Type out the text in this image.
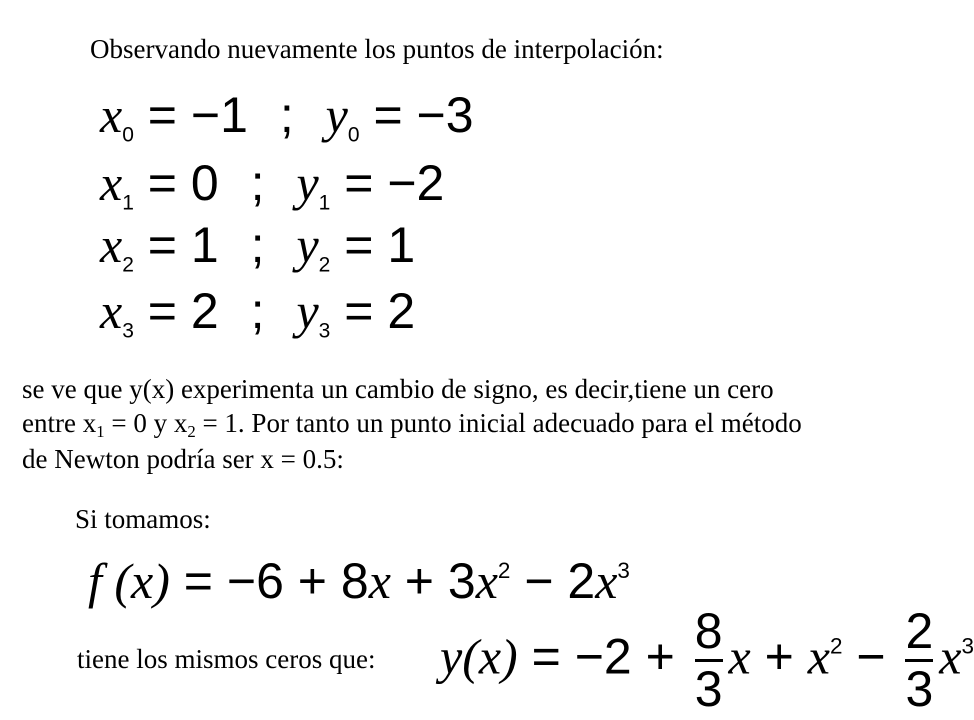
Observando nuevamente los puntos de interpolación:
$x_0 = -1$ ; $y_0 = -3$
$x_1 = 0$ ; $y_1 = -2$
$x_2 = 1$ ; $y_2 = 1$
$x_3 = 2$ ; $y_3 = 2$
se ve que y(x) experimenta un cambio de signo, es decir,tiene un cero
entre x1 = 0 y x2 = 1. Por tanto un punto inicial adecuado para el método
de Newton podría ser x = 0.5:
Si tomamos:
f $(x) = -6 + 8x + 3x^2 - 2x^3$
tiene los mismos ceros que: $y(x) = -2 + \frac{8}{3}$ $x + x^2 - \frac{2}{3} x^3$
